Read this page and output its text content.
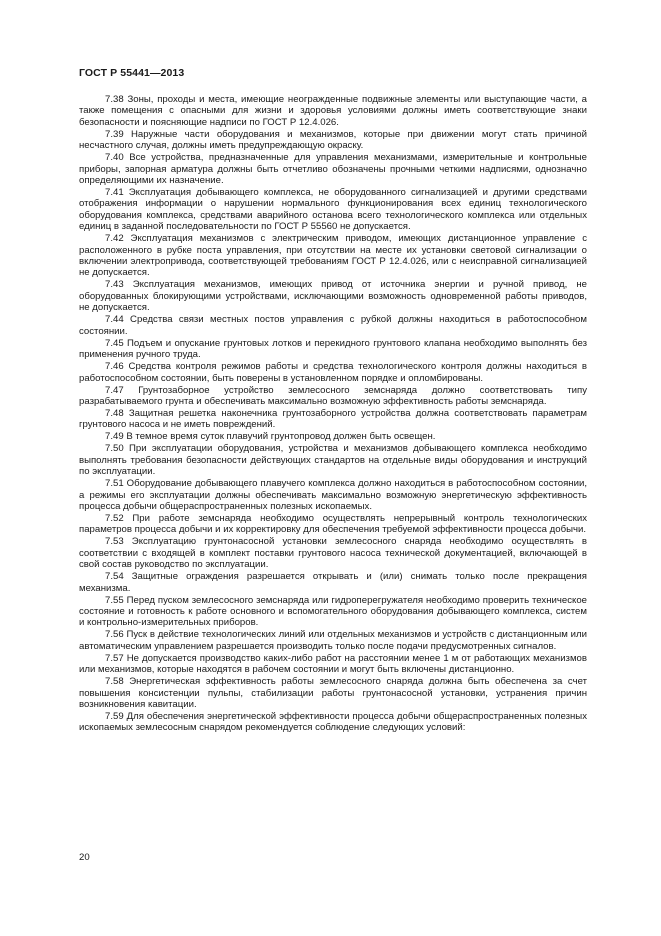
ГОСТ Р 55441—2013

7.38 Зоны, проходы и места, имеющие неогражденные подвижные элементы или выступающие части, а также помещения с опасными для жизни и здоровья условиями должны иметь соответствующие знаки безопасности и поясняющие надписи по ГОСТ Р 12.4.026.

7.39 Наружные части оборудования и механизмов, которые при движении могут стать причиной несчастного случая, должны иметь предупреждающую окраску.

7.40 Все устройства, предназначенные для управления механизмами, измерительные и контрольные приборы, запорная арматура должны быть отчетливо обозначены прочными четкими надписями, однозначно определяющими их назначение.

7.41 Эксплуатация добывающего комплекса, не оборудованного сигнализацией и другими средствами отображения информации о нарушении нормального функционирования всех единиц технологического оборудования комплекса, средствами аварийного останова всего технологического комплекса или отдельных единиц в заданной последовательности по ГОСТ Р 55560 не допускается.

7.42 Эксплуатация механизмов с электрическим приводом, имеющих дистанционное управление с расположенного в рубке поста управления, при отсутствии на месте их установки световой сигнализации о включении электропривода, соответствующей требованиям ГОСТ Р 12.4.026, или с неисправной сигнализацией не допускается.

7.43 Эксплуатация механизмов, имеющих привод от источника энергии и ручной привод, не оборудованных блокирующими устройствами, исключающими возможность одновременной работы приводов, не допускается.

7.44 Средства связи местных постов управления с рубкой должны находиться в работоспособном состоянии.

7.45 Подъем и опускание грунтовых лотков и перекидного грунтового клапана необходимо выполнять без применения ручного труда.

7.46 Средства контроля режимов работы и средства технологического контроля должны находиться в работоспособном состоянии, быть поверены в установленном порядке и опломбированы.

7.47 Грунтозаборное устройство землесосного земснаряда должно соответствовать типу разрабатываемого грунта и обеспечивать максимально возможную эффективность работы земснаряда.

7.48 Защитная решетка наконечника грунтозаборного устройства должна соответствовать параметрам грунтового насоса и не иметь повреждений.

7.49 В темное время суток плавучий грунтопровод должен быть освещен.

7.50 При эксплуатации оборудования, устройства и механизмов добывающего комплекса необходимо выполнять требования безопасности действующих стандартов на отдельные виды оборудования и инструкций по эксплуатации.

7.51 Оборудование добывающего плавучего комплекса должно находиться в работоспособном состоянии, а режимы его эксплуатации должны обеспечивать максимально возможную энергетическую эффективность процесса добычи общераспространенных полезных ископаемых.

7.52 При работе земснаряда необходимо осуществлять непрерывный контроль технологических параметров процесса добычи и их корректировку для обеспечения требуемой эффективности процесса добычи.

7.53 Эксплуатацию грунтонасосной установки землесосного снаряда необходимо осуществлять в соответствии с входящей в комплект поставки грунтового насоса технической документацией, включающей в свой состав руководство по эксплуатации.

7.54 Защитные ограждения разрешается открывать и (или) снимать только после прекращения механизма.

7.55 Перед пуском землесосного земснаряда или гидроперегружателя необходимо проверить техническое состояние и готовность к работе основного и вспомогательного оборудования добывающего комплекса, систем и контрольно-измерительных приборов.

7.56 Пуск в действие технологических линий или отдельных механизмов и устройств с дистанционным или автоматическим управлением разрешается производить только после подачи предусмотренных сигналов.

7.57 Не допускается производство каких-либо работ на расстоянии менее 1 м от работающих механизмов или механизмов, которые находятся в рабочем состоянии и могут быть включены дистанционно.

7.58 Энергетическая эффективность работы землесосного снаряда должна быть обеспечена за счет повышения консистенции пульпы, стабилизации работы грунтонасосной установки, устранения причин возникновения кавитации.

7.59 Для обеспечения энергетической эффективности процесса добычи общераспространенных полезных ископаемых землесосным снарядом рекомендуется соблюдение следующих условий:

20
